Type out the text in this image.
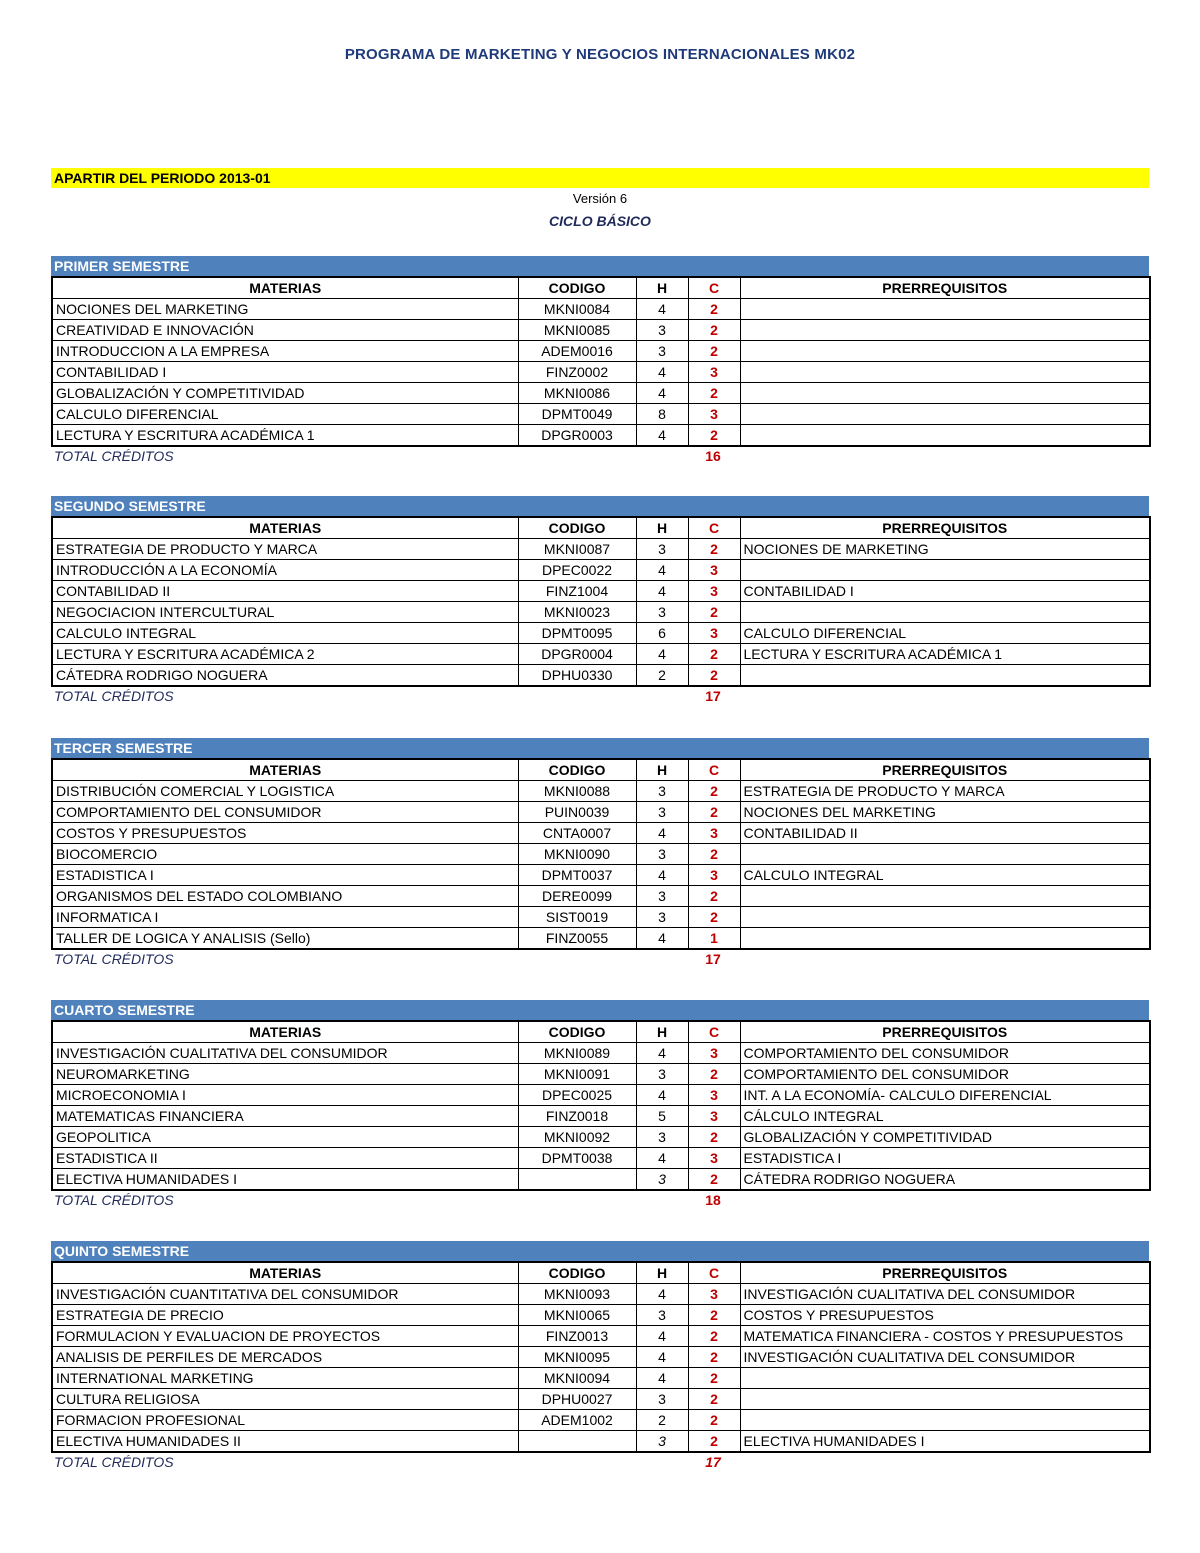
PROGRAMA DE MARKETING Y NEGOCIOS INTERNACIONALES MK02
APARTIR DEL PERIODO 2013-01
Versión 6
CICLO BÁSICO
PRIMER SEMESTRE
MATERIAS	CODIGO	H	C	PRERREQUISITOS
NOCIONES DEL MARKETING	MKNI0084	4	2	
CREATIVIDAD E INNOVACIÓN	MKNI0085	3	2	
INTRODUCCION A LA EMPRESA	ADEM0016	3	2	
CONTABILIDAD I	FINZ0002	4	3	
GLOBALIZACIÓN Y COMPETITIVIDAD	MKNI0086	4	2	
CALCULO DIFERENCIAL	DPMT0049	8	3	
LECTURA Y ESCRITURA ACADÉMICA 1	DPGR0003	4	2	
TOTAL CRÉDITOS	16
SEGUNDO SEMESTRE
MATERIAS	CODIGO	H	C	PRERREQUISITOS
ESTRATEGIA DE PRODUCTO Y MARCA	MKNI0087	3	2	NOCIONES DE MARKETING
INTRODUCCIÓN A LA ECONOMÍA	DPEC0022	4	3	
CONTABILIDAD II	FINZ1004	4	3	CONTABILIDAD I
NEGOCIACION INTERCULTURAL	MKNI0023	3	2	
CALCULO INTEGRAL	DPMT0095	6	3	CALCULO DIFERENCIAL
LECTURA Y ESCRITURA ACADÉMICA 2	DPGR0004	4	2	LECTURA Y ESCRITURA ACADÉMICA 1
CÁTEDRA RODRIGO NOGUERA	DPHU0330	2	2	
TOTAL CRÉDITOS	17
TERCER SEMESTRE
MATERIAS	CODIGO	H	C	PRERREQUISITOS
DISTRIBUCIÓN COMERCIAL Y LOGISTICA	MKNI0088	3	2	ESTRATEGIA DE PRODUCTO Y MARCA
COMPORTAMIENTO DEL CONSUMIDOR	PUIN0039	3	2	NOCIONES DEL MARKETING
COSTOS Y PRESUPUESTOS	CNTA0007	4	3	CONTABILIDAD II
BIOCOMERCIO	MKNI0090	3	2	
ESTADISTICA I	DPMT0037	4	3	CALCULO INTEGRAL
ORGANISMOS DEL ESTADO COLOMBIANO	DERE0099	3	2	
INFORMATICA I	SIST0019	3	2	
TALLER DE LOGICA Y ANALISIS (Sello)	FINZ0055	4	1	
TOTAL CRÉDITOS	17
CUARTO SEMESTRE
MATERIAS	CODIGO	H	C	PRERREQUISITOS
INVESTIGACIÓN CUALITATIVA DEL CONSUMIDOR	MKNI0089	4	3	COMPORTAMIENTO DEL CONSUMIDOR
NEUROMARKETING	MKNI0091	3	2	COMPORTAMIENTO DEL CONSUMIDOR
MICROECONOMIA I	DPEC0025	4	3	INT. A LA ECONOMÍA- CALCULO DIFERENCIAL
MATEMATICAS FINANCIERA	FINZ0018	5	3	CÁLCULO INTEGRAL
GEOPOLITICA	MKNI0092	3	2	GLOBALIZACIÓN Y COMPETITIVIDAD
ESTADISTICA II	DPMT0038	4	3	ESTADISTICA I
ELECTIVA HUMANIDADES I		3	2	CÁTEDRA RODRIGO NOGUERA
TOTAL CRÉDITOS	18
QUINTO SEMESTRE
MATERIAS	CODIGO	H	C	PRERREQUISITOS
INVESTIGACIÓN CUANTITATIVA DEL CONSUMIDOR	MKNI0093	4	3	INVESTIGACIÓN CUALITATIVA DEL CONSUMIDOR
ESTRATEGIA DE PRECIO	MKNI0065	3	2	COSTOS Y PRESUPUESTOS
FORMULACION Y EVALUACION DE PROYECTOS	FINZ0013	4	2	MATEMATICA FINANCIERA - COSTOS Y PRESUPUESTOS
ANALISIS DE PERFILES DE MERCADOS	MKNI0095	4	2	INVESTIGACIÓN CUALITATIVA DEL CONSUMIDOR
INTERNATIONAL MARKETING	MKNI0094	4	2	
CULTURA RELIGIOSA	DPHU0027	3	2	
FORMACION PROFESIONAL	ADEM1002	2	2	
ELECTIVA HUMANIDADES II		3	2	ELECTIVA HUMANIDADES I
TOTAL CRÉDITOS	17
